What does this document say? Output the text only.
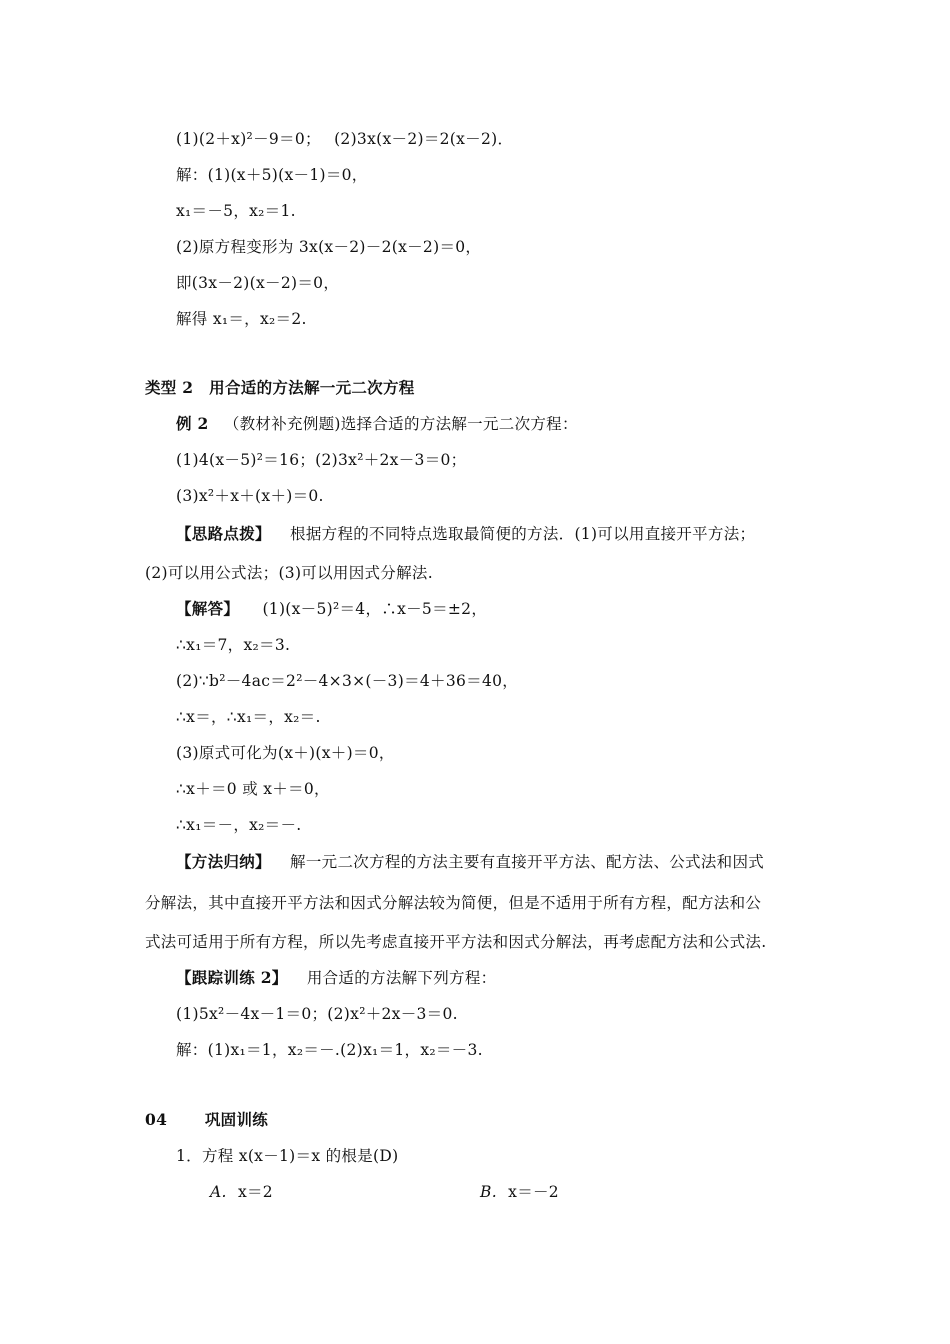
(1)(2＋x)²－9＝0；　 (2)3x(x－2)＝2(x－2)．
解：(1)(x＋5)(x－1)＝0，
x₁＝－5，x₂＝1.
(2)原方程变形为 3x(x－2)－2(x－2)＝0，
即(3x－2)(x－2)＝0，
解得 x₁＝，x₂＝2.
类型 2　用合适的方法解一元二次方程
例 2 （教材补充例题)选择合适的方法解一元二次方程：
(1)4(x－5)²＝16；(2)3x²＋2x－3＝0；
(3)x²＋x＋(x＋)＝0.
【思路点拨】 根据方程的不同特点选取最简便的方法．(1)可以用直接开平方法；
(2)可以用公式法；(3)可以用因式分解法.
【解答】 (1)(x－5)²＝4，∴x－5＝±2，
∴x₁＝7，x₂＝3.
(2)∵b²－4ac＝2²－4×3×(－3)＝4＋36＝40，
∴x＝，∴x₁＝，x₂＝.
(3)原式可化为(x＋)(x＋)＝0，
∴x＋＝0 或 x＋＝0，
∴x₁＝－，x₂＝－.
【方法归纳】 解一元二次方程的方法主要有直接开平方法、配方法、公式法和因式
分解法，其中直接开平方法和因式分解法较为简便，但是不适用于所有方程，配方法和公
式法可适用于所有方程，所以先考虑直接开平方法和因式分解法，再考虑配方法和公式法.
【跟踪训练 2】 用合适的方法解下列方程：
(1)5x²－4x－1＝0；(2)x²＋2x－3＝0.
解：(1)x₁＝1，x₂＝－.(2)x₁＝1，x₂＝－3.
04 巩固训练
1．方程 x(x－1)＝x 的根是(D)
A. x＝2	B. x＝－2
